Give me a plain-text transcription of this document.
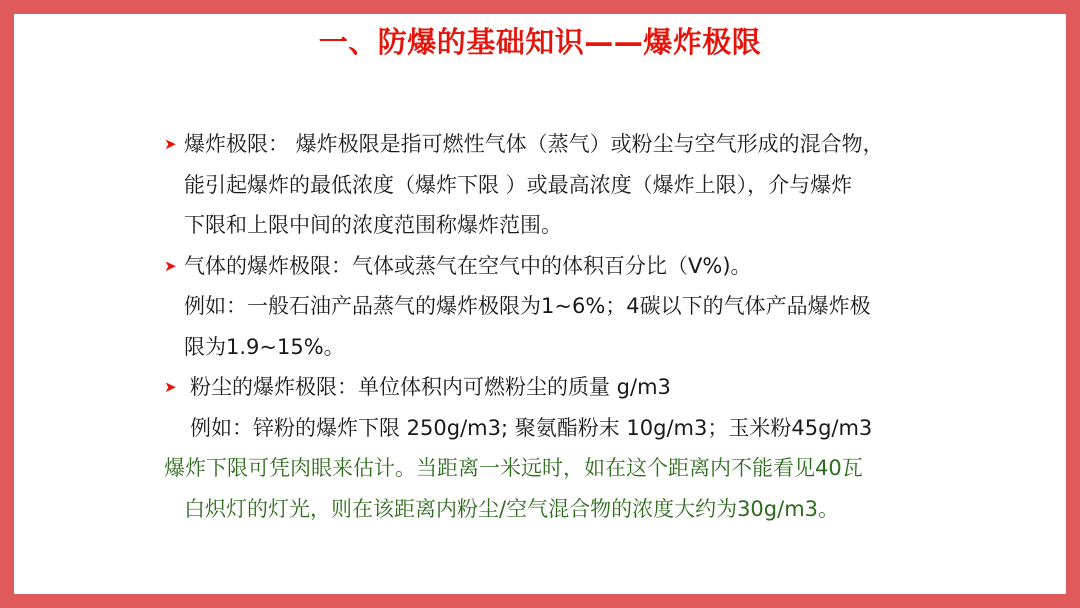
一、防爆的基础知识——爆炸极限
➤ 爆炸极限： 爆炸极限是指可燃性气体（蒸气）或粉尘与空气形成的混合物，
能引起爆炸的最低浓度（爆炸下限 ）或最高浓度（爆炸上限），介与爆炸
下限和上限中间的浓度范围称爆炸范围。
➤ 气体的爆炸极限：气体或蒸气在空气中的体积百分比（V%)。
例如：一般石油产品蒸气的爆炸极限为1~6%；4碳以下的气体产品爆炸极
限为1.9~15%。
➤ 粉尘的爆炸极限：单位体积内可燃粉尘的质量 g/m3
例如：锌粉的爆炸下限 250g/m3; 聚氨酯粉末 10g/m3；玉米粉45g/m3
爆炸下限可凭肉眼来估计。当距离一米远时，如在这个距离内不能看见40瓦
白炽灯的灯光，则在该距离内粉尘/空气混合物的浓度大约为30g/m3。
